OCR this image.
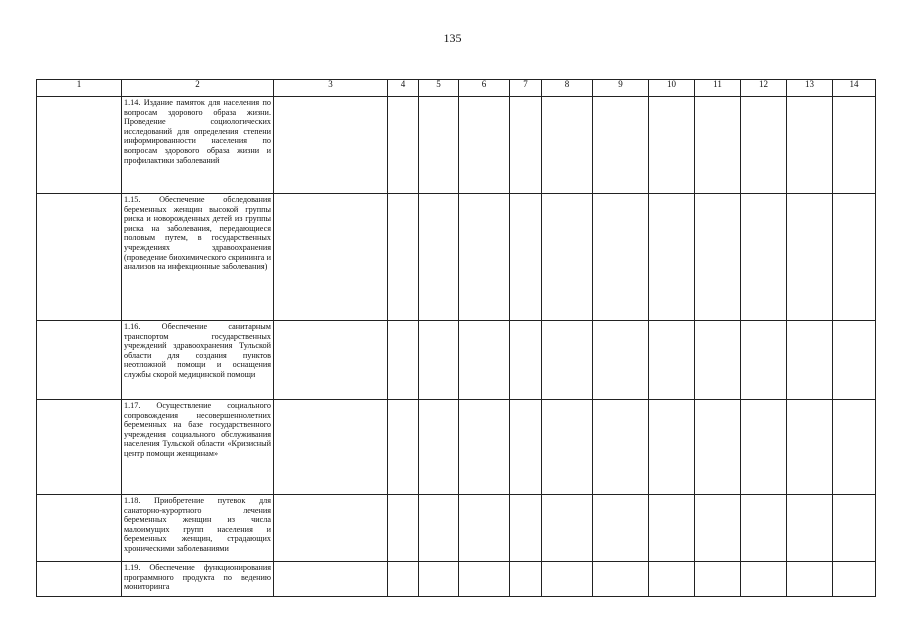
135
1	2	3	4	5	6	7	8	9	10	11	12	13	14
	1.14. Издание памяток для населения по вопросам здорового образа жизни. Проведение социологических исследований для определения степени информированности населения по вопросам здорового образа жизни и профилактики заболеваний												
	1.15. Обеспечение обследования беременных женщин высокой группы риска и новорожденных детей из группы риска на заболевания, передающиеся половым путем, в государственных учреждениях здравоохранения (проведение биохимического скрининга и анализов на инфекционные заболевания)												
	1.16. Обеспечение санитарным транспортом государственных учреждений здравоохранения Тульской области для создания пунктов неотложной помощи и оснащения службы скорой медицинской помощи												
	1.17. Осуществление социального сопровождения несовершеннолетних беременных на базе государственного учреждения социального обслуживания населения Тульской области «Кризисный центр помощи женщинам»												
	1.18. Приобретение путевок для санаторно-курортного лечения беременных женщин из числа малоимущих групп населения и беременных женщин, страдающих хроническими заболеваниями												
	1.19. Обеспечение функционирования программного продукта по ведению мониторинга												
